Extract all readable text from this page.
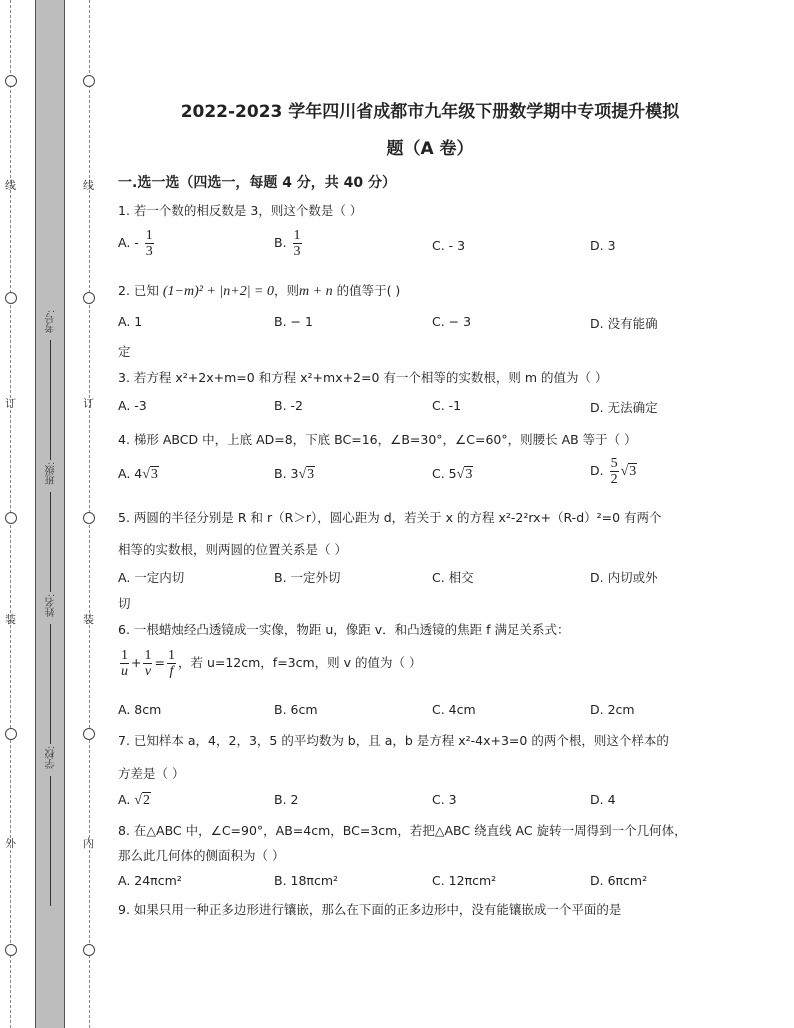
线
订
装
外
线
订
装
内
考号:
班级:
姓名:
学校:
2022-2023 学年四川省成都市九年级下册数学期中专项提升模拟
题（A 卷）
一.选一选（四选一，每题 4 分，共 40 分）
1. 若一个数的相反数是 3，则这个数是（ ）
A. - $\frac{1}{3}$	B. $\frac{1}{3}$	C. - 3	D. 3
2. 已知 (1−m)² + |n+2| = 0，则m + n 的值等于( )
A. 1	B. − 1	C. − 3	D. 没有能确
定
3. 若方程 x²+2x+m=0 和方程 x²+mx+2=0 有一个相等的实数根，则 m 的值为（ ）
A. -3	B. -2	C. -1	D. 无法确定
4. 梯形 ABCD 中，上底 AD=8，下底 BC=16，∠B=30°，∠C=60°，则腰长 AB 等于（ ）
A. 4√3	B. 3√3	C. 5√3	D. $\frac{5}{2} √3$
5. 两圆的半径分别是 R 和 r（R＞r），圆心距为 d，若关于 x 的方程 x²-2²rx+（R-d）²=0 有两个
相等的实数根，则两圆的位置关系是（ ）
A. 一定内切	B. 一定外切	C. 相交	D. 内切或外
切
6. 一根蜡烛经凸透镜成一实像，物距 u，像距 v．和凸透镜的焦距 f 满足关系式：
$\frac{1}{u} + \frac{1}{v} = \frac{1}{f}$ ，若 u=12cm，f=3cm，则 v 的值为（ ）
A. 8cm	B. 6cm	C. 4cm	D. 2cm
7. 已知样本 a，4，2，3，5 的平均数为 b，且 a，b 是方程 x²-4x+3=0 的两个根，则这个样本的
方差是（ ）
A. √2	B. 2	C. 3	D. 4
8. 在△ABC 中，∠C=90°，AB=4cm，BC=3cm，若把△ABC 绕直线 AC 旋转一周得到一个几何体，
那么此几何体的侧面积为（ ）
A. 24πcm²	B. 18πcm²	C. 12πcm²	D. 6πcm²
9. 如果只用一种正多边形进行镶嵌，那么在下面的正多边形中，没有能镶嵌成一个平面的是
